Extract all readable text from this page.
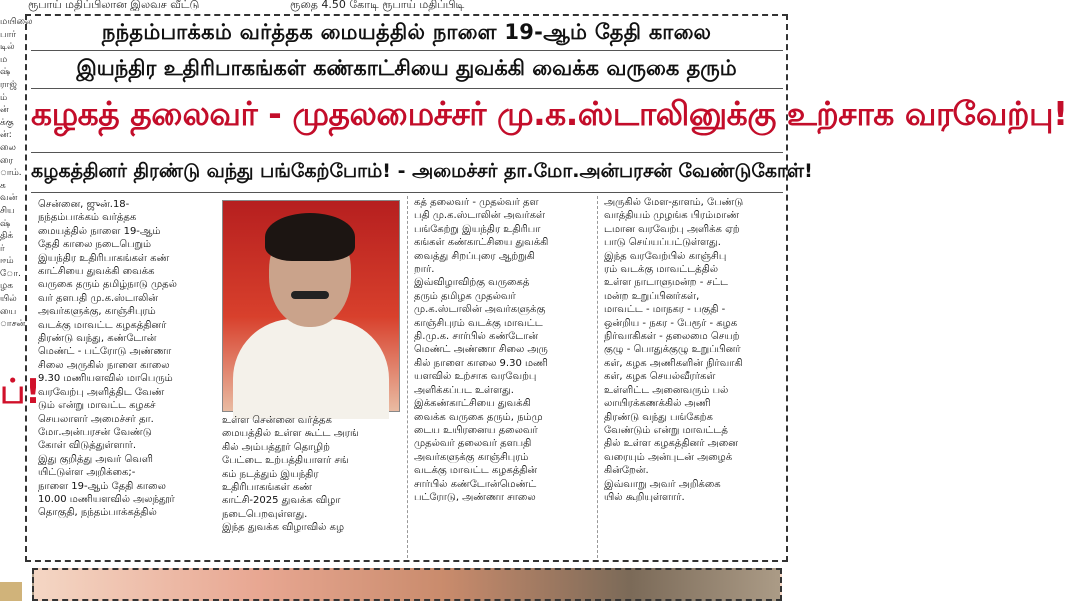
ரூபாய் மதிப்பிலான இலவச வீட்டு	ரூதை 4.50 கோடி ரூபாய் மதிப்பிடி
மயிலை
பார்
டில்
ம
ஷ்
ராஜ்
ம்
ன்
க்கு
ன்:
லை
ரை
ாம்.
க
வன்
சிய
ஷ்
திக்
ர்
ஈம்
ோ.
ழக
யில்
யை
ாசன்
ப்!
நந்தம்பாக்கம் வர்த்தக மையத்தில் நாளை 19-ஆம் தேதி காலை
இயந்திர உதிரிபாகங்கள் கண்காட்சியை துவக்கி வைக்க வருகை தரும்
கழகத் தலைவர் - முதலமைச்சர் மு.க.ஸ்டாலினுக்கு உற்சாக வரவேற்பு!
கழகத்தினர் திரண்டு வந்து பங்கேற்போம்! - அமைச்சர் தா.மோ.அன்பரசன் வேண்டுகோள்!
சென்னை, ஜுன்.18-
நந்தம்பாக்கம் வர்த்தக
மையத்தில் நாளை 19-ஆம்
தேதி காலை நடைபெறும்
இயந்திர உதிரிபாகங்கள் கண்
காட்சியை துவக்கி வைக்க
வருகை தரும் தமிழ்நாடு முதல்
வர் தளபதி மு.க.ஸ்டாலின்
அவர்களுக்கு, காஞ்சிபுரம்
வடக்கு மாவட்ட கழகத்தினர்
திரண்டு வந்து, கண்டோன்
மெண்ட் - பட்ரோடு அண்ணா
சிலை அருகில் நாளை காலை
9.30 மணியளவில் மாபெரும்
வரவேற்பு அளித்திட வேண்
டும் என்று மாவட்ட கழகச்
செயலாளர் அமைச்சர் தா.
மோ.அன்பரசன் வேண்டு
கோள் விடுத்துள்ளார்.
இது குறித்து அவர் வெளி
யிட்டுள்ள அறிக்கை;-
நாளை 19-ஆம் தேதி காலை
10.00 மணியளவில் அலந்தூர்
தொகுதி, நந்தம்பாக்கத்தில்
உள்ள சென்னை வர்த்தக
மையத்தில் உள்ள கூட்ட அரங்
கில் அம்பத்தூர் தொழிற்
பேட்டை உற்பத்தியாளர் சங்
கம் நடத்தும் இயந்திர
உதிரிபாகங்கள் கண்
காட்சி-2025 துவக்க விழா
நடைபெறவுள்ளது.
இந்த துவக்க விழாவில் கழ
கத் தலைவர் - முதல்வர் தள
பதி மு.க.ஸ்டாலின் அவர்கள்
பங்கேற்று இயந்திர உதிரிபா
கங்கள் கண்காட்சியை துவக்கி
வைத்து சிறப்புரை ஆற்றுகி
றார்.
இவ்விழாவிற்கு வருகைத்
தரும் தமிழக முதல்வர்
மு.க.ஸ்டாலின் அவர்களுக்கு
காஞ்சிபுரம் வடக்கு மாவட்ட
தி.மு.க. சார்பில் கண்டோன்
மெண்ட் அண்ணா சிலை அரு
கில் நாளை காலை 9.30 மணி
யளவில் உற்சாக வரவேற்பு
அளிக்கப்பட உள்ளது.
இக்கண்காட்சியை துவக்கி
வைக்க வருகை தரும், நம்மு
டைய உயிரனைய தலைவர்
முதல்வர் தலைவர் தளபதி
அவர்களுக்கு காஞ்சிபுரம்
வடக்கு மாவட்ட கழகத்தின்
சார்பில் கண்டோன்மெண்ட்
பட்ரோடு, அண்ணா சாலை
அருகில் மேள-தாளம், பேண்டு
வாத்தியம் முழங்க பிரம்மாண்
டமான வரவேற்பு அளிக்க ஏற்
பாடு செய்யப்பட்டுள்ளது.
இந்த வரவேற்பில் காஞ்சிபு
ரம் வடக்கு மாவட்டத்தில்
உள்ள நாடாளுமன்ற - சட்ட
மன்ற உறுப்பினர்கள்,
மாவட்ட - மாநகர - பகுதி -
ஒன்றிய - நகர - பேரூர் - கழக
நிர்வாகிகள் - தலைமை செயற்
குழு - பொதுக்குழு உறுப்பினர்
கள், கழக அணிகளின் நிர்வாகி
கள், கழக செயல்வீரர்கள்
உள்ளிட்ட அனைவரும் பல்
லாயிரக்கணக்கில் அணி
திரண்டு வந்து பங்கேற்க
வேண்டும் என்று மாவட்டத்
தில் உள்ள கழகத்தினர் அனை
வரையும் அன்புடன் அழைக்
கின்றேன்.
இவ்வாறு அவர் அறிக்கை
யில் கூறியுள்ளார்.
